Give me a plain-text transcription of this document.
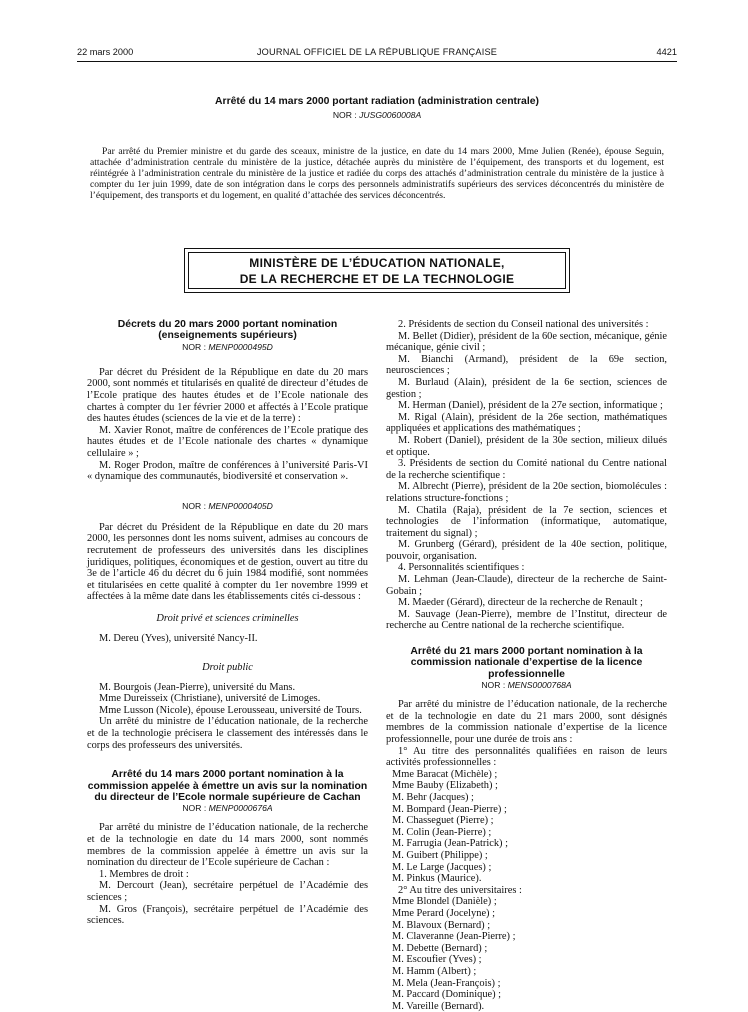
22 mars 2000	JOURNAL OFFICIEL DE LA RÉPUBLIQUE FRANÇAISE	4421
Arrêté du 14 mars 2000 portant radiation (administration centrale)
NOR : JUSG0060008A

Par arrêté du Premier ministre et du garde des sceaux, ministre de la justice, en date du 14 mars 2000, Mme Julien (Renée), épouse Seguin, attachée d’administration centrale du ministère de la justice, détachée auprès du ministère de l’équipement, des transports et du logement, est réintégrée à l’administration centrale du ministère de la justice et radiée du corps des attachés d’administration centrale du ministère de la justice à compter du 1er juin 1999, date de son intégration dans le corps des personnels administratifs supérieurs des services déconcentrés du ministère de l’équipement, des transports et du logement, en qualité d’attachée des services déconcentrés.

MINISTÈRE DE L’ÉDUCATION NATIONALE,
DE LA RECHERCHE ET DE LA TECHNOLOGIE
Décrets du 20 mars 2000 portant nomination (enseignements supérieurs)
NOR : MENP0000495D

Par décret du Président de la République en date du 20 mars 2000, sont nommés et titularisés en qualité de directeur d’études de l’Ecole pratique des hautes études et de l’Ecole nationale des chartes à compter du 1er février 2000 et affectés à l’Ecole pratique des hautes études (sciences de la vie et de la terre) :

M. Xavier Ronot, maître de conférences de l’Ecole pratique des hautes études et de l’Ecole nationale des chartes « dynamique cellulaire » ;

M. Roger Prodon, maître de conférences à l’université Paris-VI « dynamique des communautés, biodiversité et conservation ».

NOR : MENP0000405D

Par décret du Président de la République en date du 20 mars 2000, les personnes dont les noms suivent, admises au concours de recrutement de professeurs des universités dans les disciplines juridiques, politiques, économiques et de gestion, ouvert au titre du 3e de l’article 46 du décret du 6 juin 1984 modifié, sont nommées et titularisées en cette qualité à compter du 1er novembre 1999 et affectées à la même date dans les établissements cités ci-dessous :

Droit privé et sciences criminelles

M. Dereu (Yves), université Nancy-II.

Droit public

M. Bourgois (Jean-Pierre), université du Mans.

Mme Dureisseix (Christiane), université de Limoges.

Mme Lusson (Nicole), épouse Lerousseau, université de Tours.

Un arrêté du ministre de l’éducation nationale, de la recherche et de la technologie précisera le classement des intéressés dans le corps des professeurs des universités.

Arrêté du 14 mars 2000 portant nomination à la commission appelée à émettre un avis sur la nomination du directeur de l’Ecole normale supérieure de Cachan
NOR : MENP0000676A

Par arrêté du ministre de l’éducation nationale, de la recherche et de la technologie en date du 14 mars 2000, sont nommés membres de la commission appelée à émettre un avis sur la nomination du directeur de l’Ecole supérieure de Cachan :

1. Membres de droit :

M. Dercourt (Jean), secrétaire perpétuel de l’Académie des sciences ;

M. Gros (François), secrétaire perpétuel de l’Académie des sciences.

2. Présidents de section du Conseil national des universités :

M. Bellet (Didier), président de la 60e section, mécanique, génie mécanique, génie civil ;

M. Bianchi (Armand), président de la 69e section, neurosciences ;

M. Burlaud (Alain), président de la 6e section, sciences de gestion ;

M. Herman (Daniel), président de la 27e section, informatique ;

M. Rigal (Alain), président de la 26e section, mathématiques appliquées et applications des mathématiques ;

M. Robert (Daniel), président de la 30e section, milieux dilués et optique.

3. Présidents de section du Comité national du Centre national de la recherche scientifique :

M. Albrecht (Pierre), président de la 20e section, biomolécules : relations structure-fonctions ;

M. Chatila (Raja), président de la 7e section, sciences et technologies de l’information (informatique, automatique, traitement du signal) ;

M. Grunberg (Gérard), président de la 40e section, politique, pouvoir, organisation.

4. Personnalités scientifiques :

M. Lehman (Jean-Claude), directeur de la recherche de Saint-Gobain ;

M. Maeder (Gérard), directeur de la recherche de Renault ;

M. Sauvage (Jean-Pierre), membre de l’Institut, directeur de recherche au Centre national de la recherche scientifique.

Arrêté du 21 mars 2000 portant nomination à la commission nationale d’expertise de la licence professionnelle
NOR : MENS0000768A

Par arrêté du ministre de l’éducation nationale, de la recherche et de la technologie en date du 21 mars 2000, sont désignés membres de la commission nationale d’expertise de la licence professionnelle, pour une durée de trois ans :

1° Au titre des personnalités qualifiées en raison de leurs activités professionnelles :

Mme Baracat (Michèle) ;

Mme Bauby (Elizabeth) ;

M. Behr (Jacques) ;

M. Bompard (Jean-Pierre) ;

M. Chasseguet (Pierre) ;

M. Colin (Jean-Pierre) ;

M. Farrugia (Jean-Patrick) ;

M. Guibert (Philippe) ;

M. Le Large (Jacques) ;

M. Pinkus (Maurice).

2° Au titre des universitaires :

Mme Blondel (Danièle) ;

Mme Perard (Jocelyne) ;

M. Blavoux (Bernard) ;

M. Claveranne (Jean-Pierre) ;

M. Debette (Bernard) ;

M. Escoufier (Yves) ;

M. Hamm (Albert) ;

M. Mela (Jean-François) ;

M. Paccard (Dominique) ;

M. Vareille (Bernard).
